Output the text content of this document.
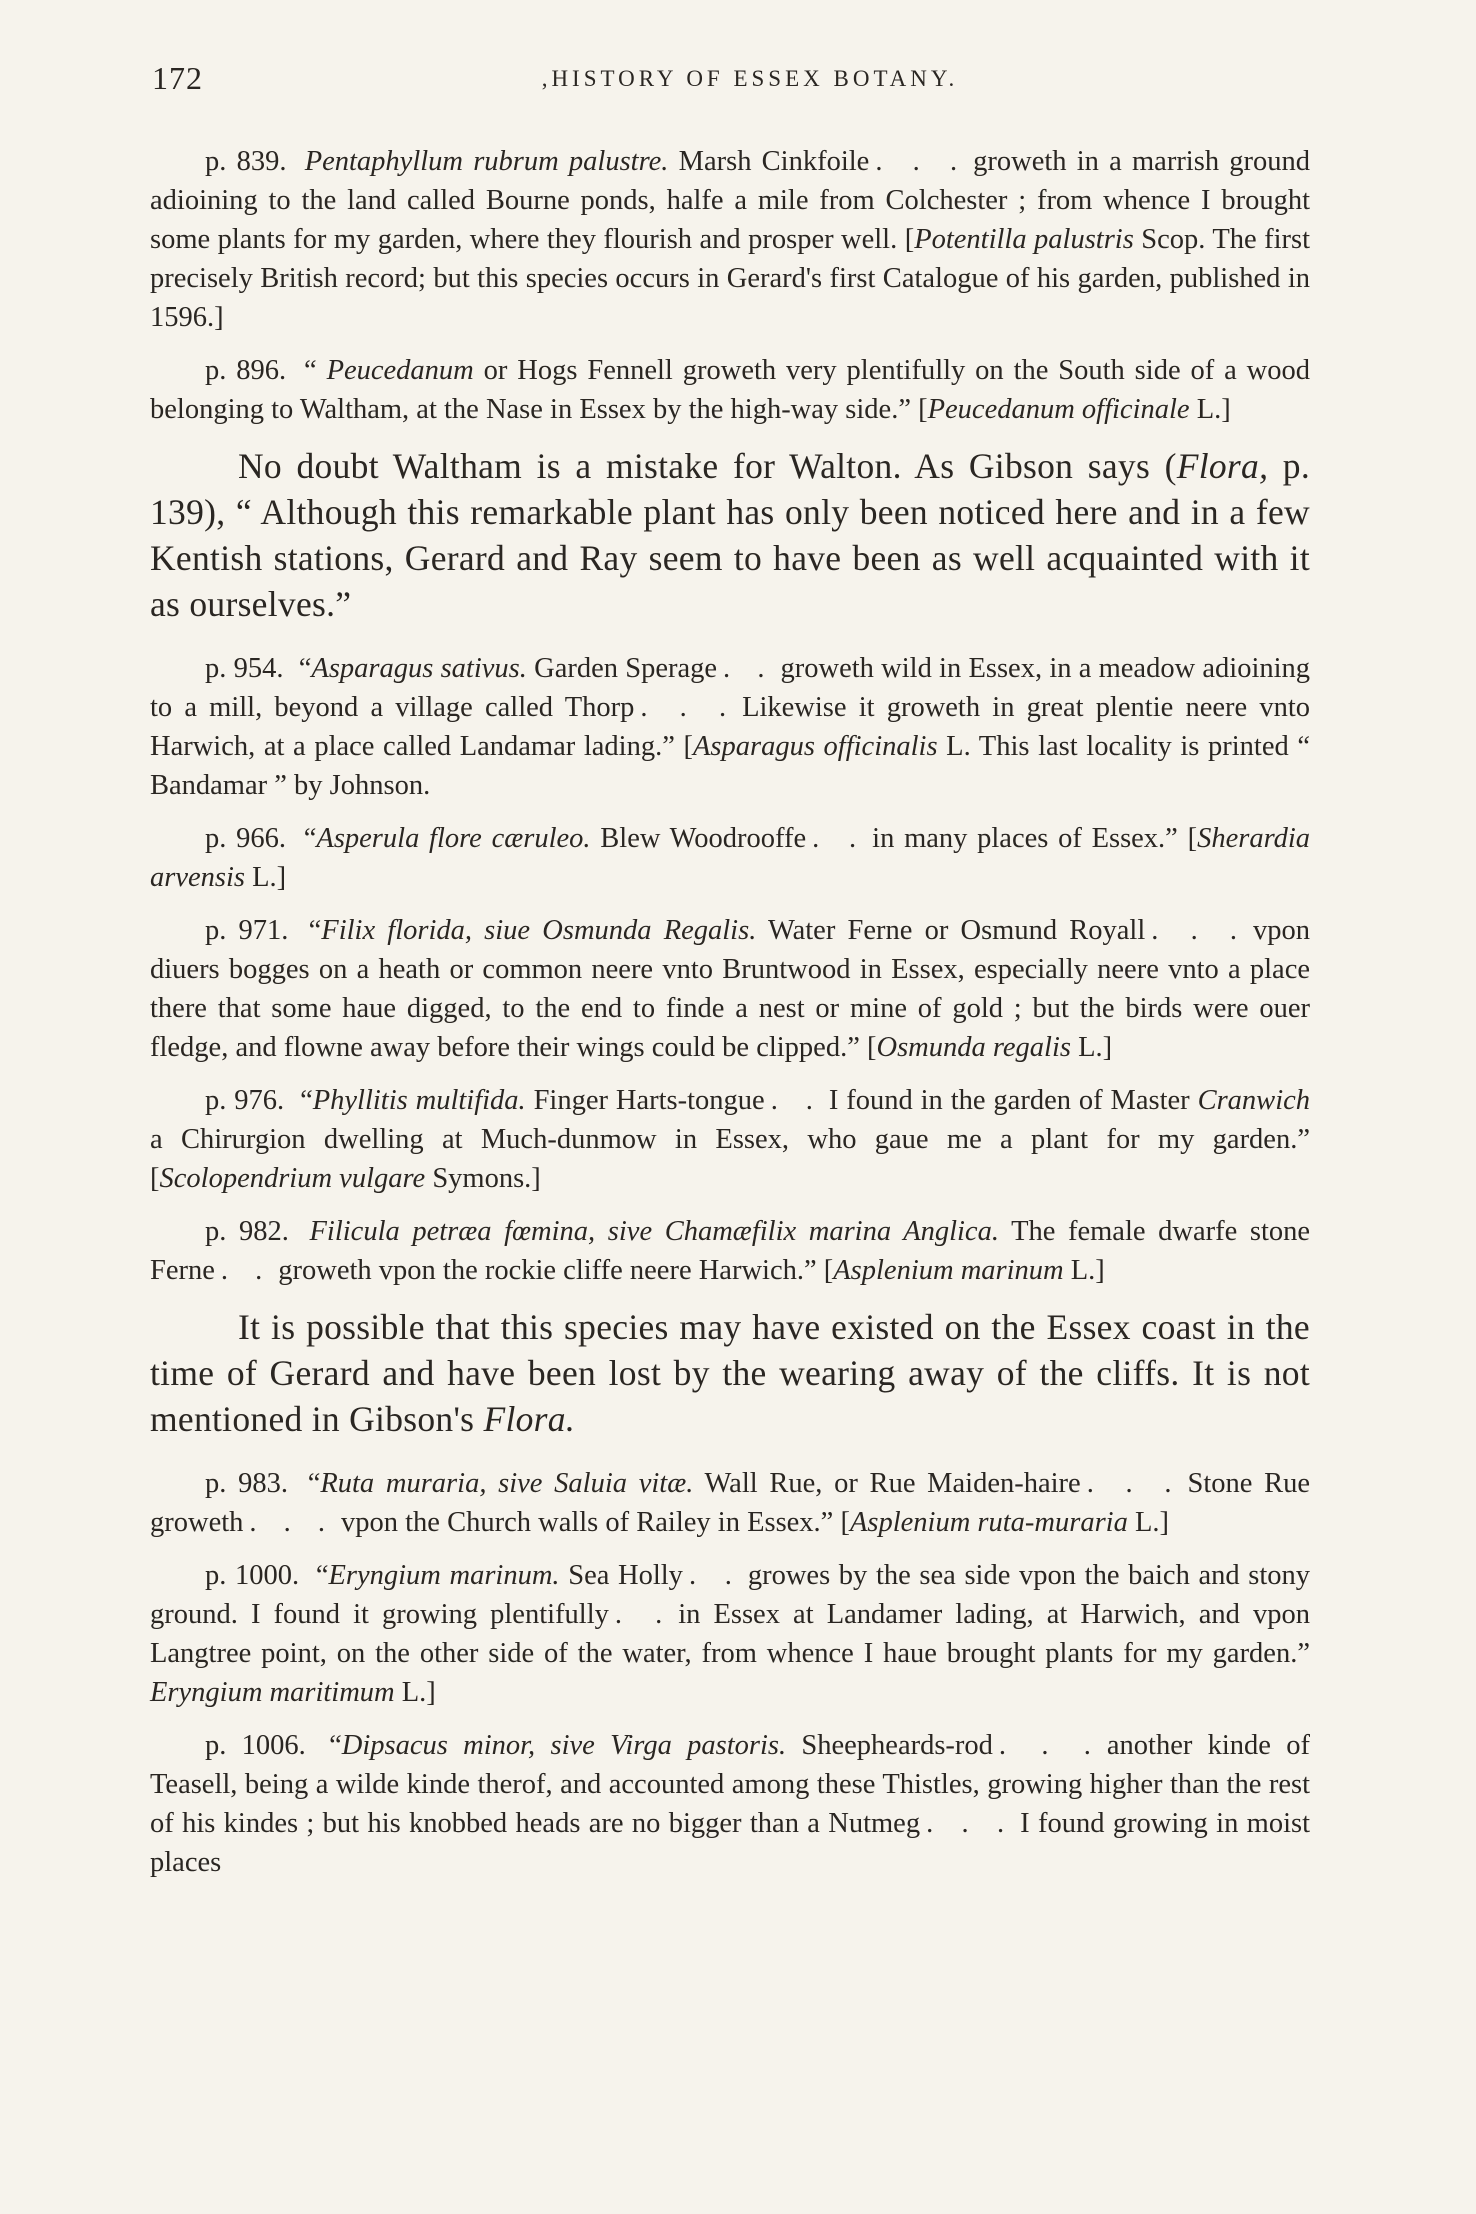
172	,HISTORY OF ESSEX BOTANY.

p. 839. Pentaphyllum rubrum palustre. Marsh Cinkfoile . . . groweth in a marrish ground adioining to the land called Bourne ponds, halfe a mile from Colchester ; from whence I brought some plants for my garden, where they flourish and prosper well. [Potentilla palustris Scop. The first precisely British record; but this species occurs in Gerard's first Catalogue of his garden, published in 1596.]

p. 896. “ Peucedanum or Hogs Fennell groweth very plentifully on the South side of a wood belonging to Waltham, at the Nase in Essex by the high-way side.” [Peucedanum officinale L.]

No doubt Waltham is a mistake for Walton. As Gibson says (Flora, p. 139), “ Although this remarkable plant has only been noticed here and in a few Kentish stations, Gerard and Ray seem to have been as well acquainted with it as ourselves.”

p. 954. “Asparagus sativus. Garden Sperage . . groweth wild in Essex, in a meadow adioining to a mill, beyond a village called Thorp . . . Likewise it groweth in great plentie neere vnto Harwich, at a place called Landamar lading.” [Asparagus officinalis L. This last locality is printed “ Bandamar ” by Johnson.

p. 966. “Asperula flore cæruleo. Blew Woodrooffe . . in many places of Essex.” [Sherardia arvensis L.]

p. 971. “Filix florida, siue Osmunda Regalis. Water Ferne or Osmund Royall . . . vpon diuers bogges on a heath or common neere vnto Bruntwood in Essex, especially neere vnto a place there that some haue digged, to the end to finde a nest or mine of gold ; but the birds were ouer fledge, and flowne away before their wings could be clipped.” [Osmunda regalis L.]

p. 976. “Phyllitis multifida. Finger Harts-tongue . . I found in the garden of Master Cranwich a Chirurgion dwelling at Much-dunmow in Essex, who gaue me a plant for my garden.” [Scolopendrium vulgare Symons.]

p. 982. Filicula petræa fœmina, sive Chamæfilix marina Anglica. The female dwarfe stone Ferne . . groweth vpon the rockie cliffe neere Harwich.” [Asplenium marinum L.]

It is possible that this species may have existed on the Essex coast in the time of Gerard and have been lost by the wearing away of the cliffs. It is not mentioned in Gibson's Flora.

p. 983. “Ruta muraria, sive Saluia vitæ. Wall Rue, or Rue Maiden-haire . . . Stone Rue groweth . . . vpon the Church walls of Railey in Essex.” [Asplenium ruta-muraria L.]

p. 1000. “Eryngium marinum. Sea Holly . . growes by the sea side vpon the baich and stony ground. I found it growing plentifully . . in Essex at Landamer lading, at Harwich, and vpon Langtree point, on the other side of the water, from whence I haue brought plants for my garden.” Eryngium maritimum L.]

p. 1006. “Dipsacus minor, sive Virga pastoris. Sheepheards-rod . . . another kinde of Teasell, being a wilde kinde therof, and accounted among these Thistles, growing higher than the rest of his kindes ; but his knobbed heads are no bigger than a Nutmeg . . . I found growing in moist places
